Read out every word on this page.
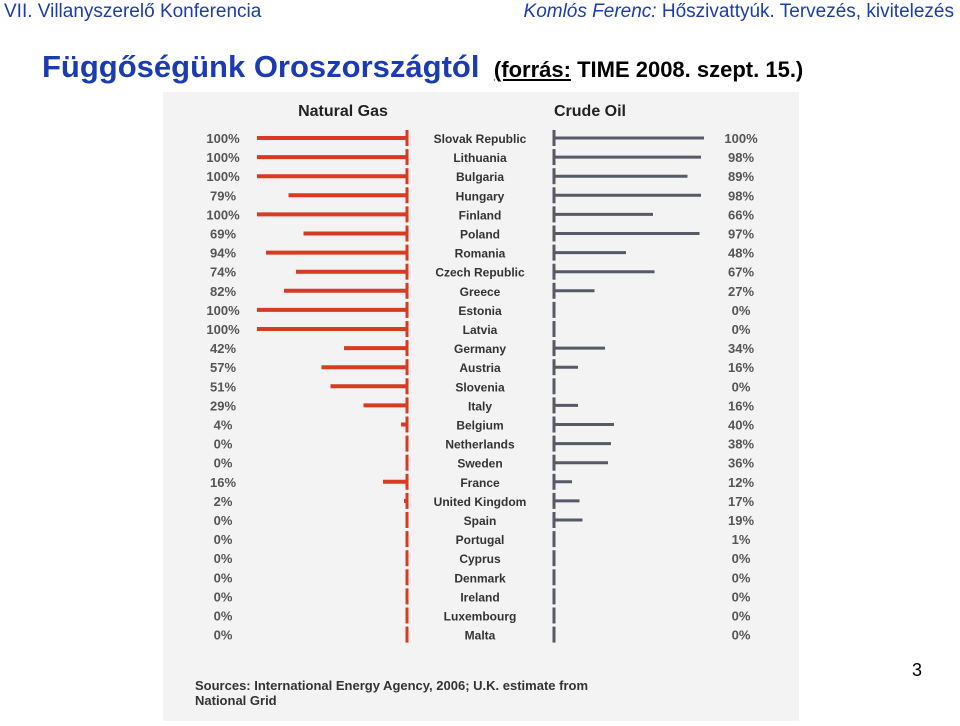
VII. Villanyszerelő Konferencia	Komlós Ferenc: Hőszivattyúk. Tervezés, kivitelezés
Függőségünk Oroszországtól (forrás: TIME 2008. szept. 15.)
Natural Gas	Crude Oil
100%	Slovak Republic	100%
100%	Lithuania	98%
100%	Bulgaria	89%
79%	Hungary	98%
100%	Finland	66%
69%	Poland	97%
94%	Romania	48%
74%	Czech Republic	67%
82%	Greece	27%
100%	Estonia	0%
100%	Latvia	0%
42%	Germany	34%
57%	Austria	16%
51%	Slovenia	0%
29%	Italy	16%
4%	Belgium	40%
0%	Netherlands	38%
0%	Sweden	36%
16%	France	12%
2%	United Kingdom	17%
0%	Spain	19%
0%	Portugal	1%
0%	Cyprus	0%
0%	Denmark	0%
0%	Ireland	0%
0%	Luxembourg	0%
0%	Malta	0%
Sources: International Energy Agency, 2006; U.K. estimate from
National Grid
3
